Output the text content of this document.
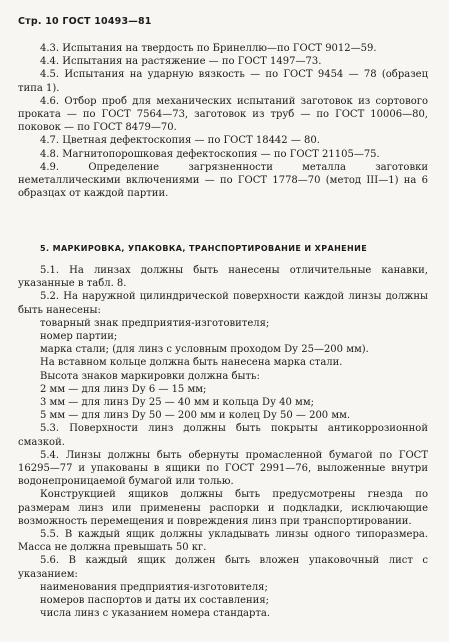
Стр. 10 ГОСТ 10493—81

4.3. Испытания на твердость по Бринеллю—по ГОСТ 9012—59.

4.4. Испытания на растяжение — по ГОСТ 1497—73.

4.5. Испытания на ударную вязкость — по ГОСТ 9454 — 78 (образец типа 1).

4.6. Отбор проб для механических испытаний заготовок из сортового проката — по ГОСТ 7564—73, заготовок из труб — по ГОСТ 10006—80, поковок — по ГОСТ 8479—70.

4.7. Цветная дефектоскопия — по ГОСТ 18442 — 80.

4.8. Магнитопорошковая дефектоскопия — по ГОСТ 21105—75.

4.9. Определение загрязненности металла заготовки неметаллическими включениями — по ГОСТ 1778—70 (метод III—1) на 6 образцах от каждой партии.

5. МАРКИРОВКА, УПАКОВКА, ТРАНСПОРТИРОВАНИЕ И ХРАНЕНИЕ

5.1. На линзах должны быть нанесены отличительные канавки, указанные в табл. 8.

5.2. На наружной цилиндрической поверхности каждой линзы должны быть нанесены:

товарный знак предприятия-изготовителя;

номер партии;

марка стали; (для линз с условным проходом Dу 25—200 мм).

На вставном кольце должна быть нанесена марка стали.

Высота знаков маркировки должна быть:

2 мм — для линз Dу 6 — 15 мм;

3 мм — для линз Dу 25 — 40 мм и кольца Dу 40 мм;

5 мм — для линз Dу 50 — 200 мм и колец Dу 50 — 200 мм.

5.3. Поверхности линз должны быть покрыты антикоррозионной смазкой.

5.4. Линзы должны быть обернуты промасленной бумагой по ГОСТ 16295—77 и упакованы в ящики по ГОСТ 2991—76, выложенные внутри водонепроницаемой бумагой или толью.

Конструкцией ящиков должны быть предусмотрены гнезда по размерам линз или применены распорки и подкладки, исключающие возможность перемещения и повреждения линз при транспортировании.

5.5. В каждый ящик должны укладывать линзы одного типоразмера. Масса не должна превышать 50 кг.

5.6. В каждый ящик должен быть вложен упаковочный лист с указанием:

наименования предприятия-изготовителя;

номеров паспортов и даты их составления;

числа линз с указанием номера стандарта.
